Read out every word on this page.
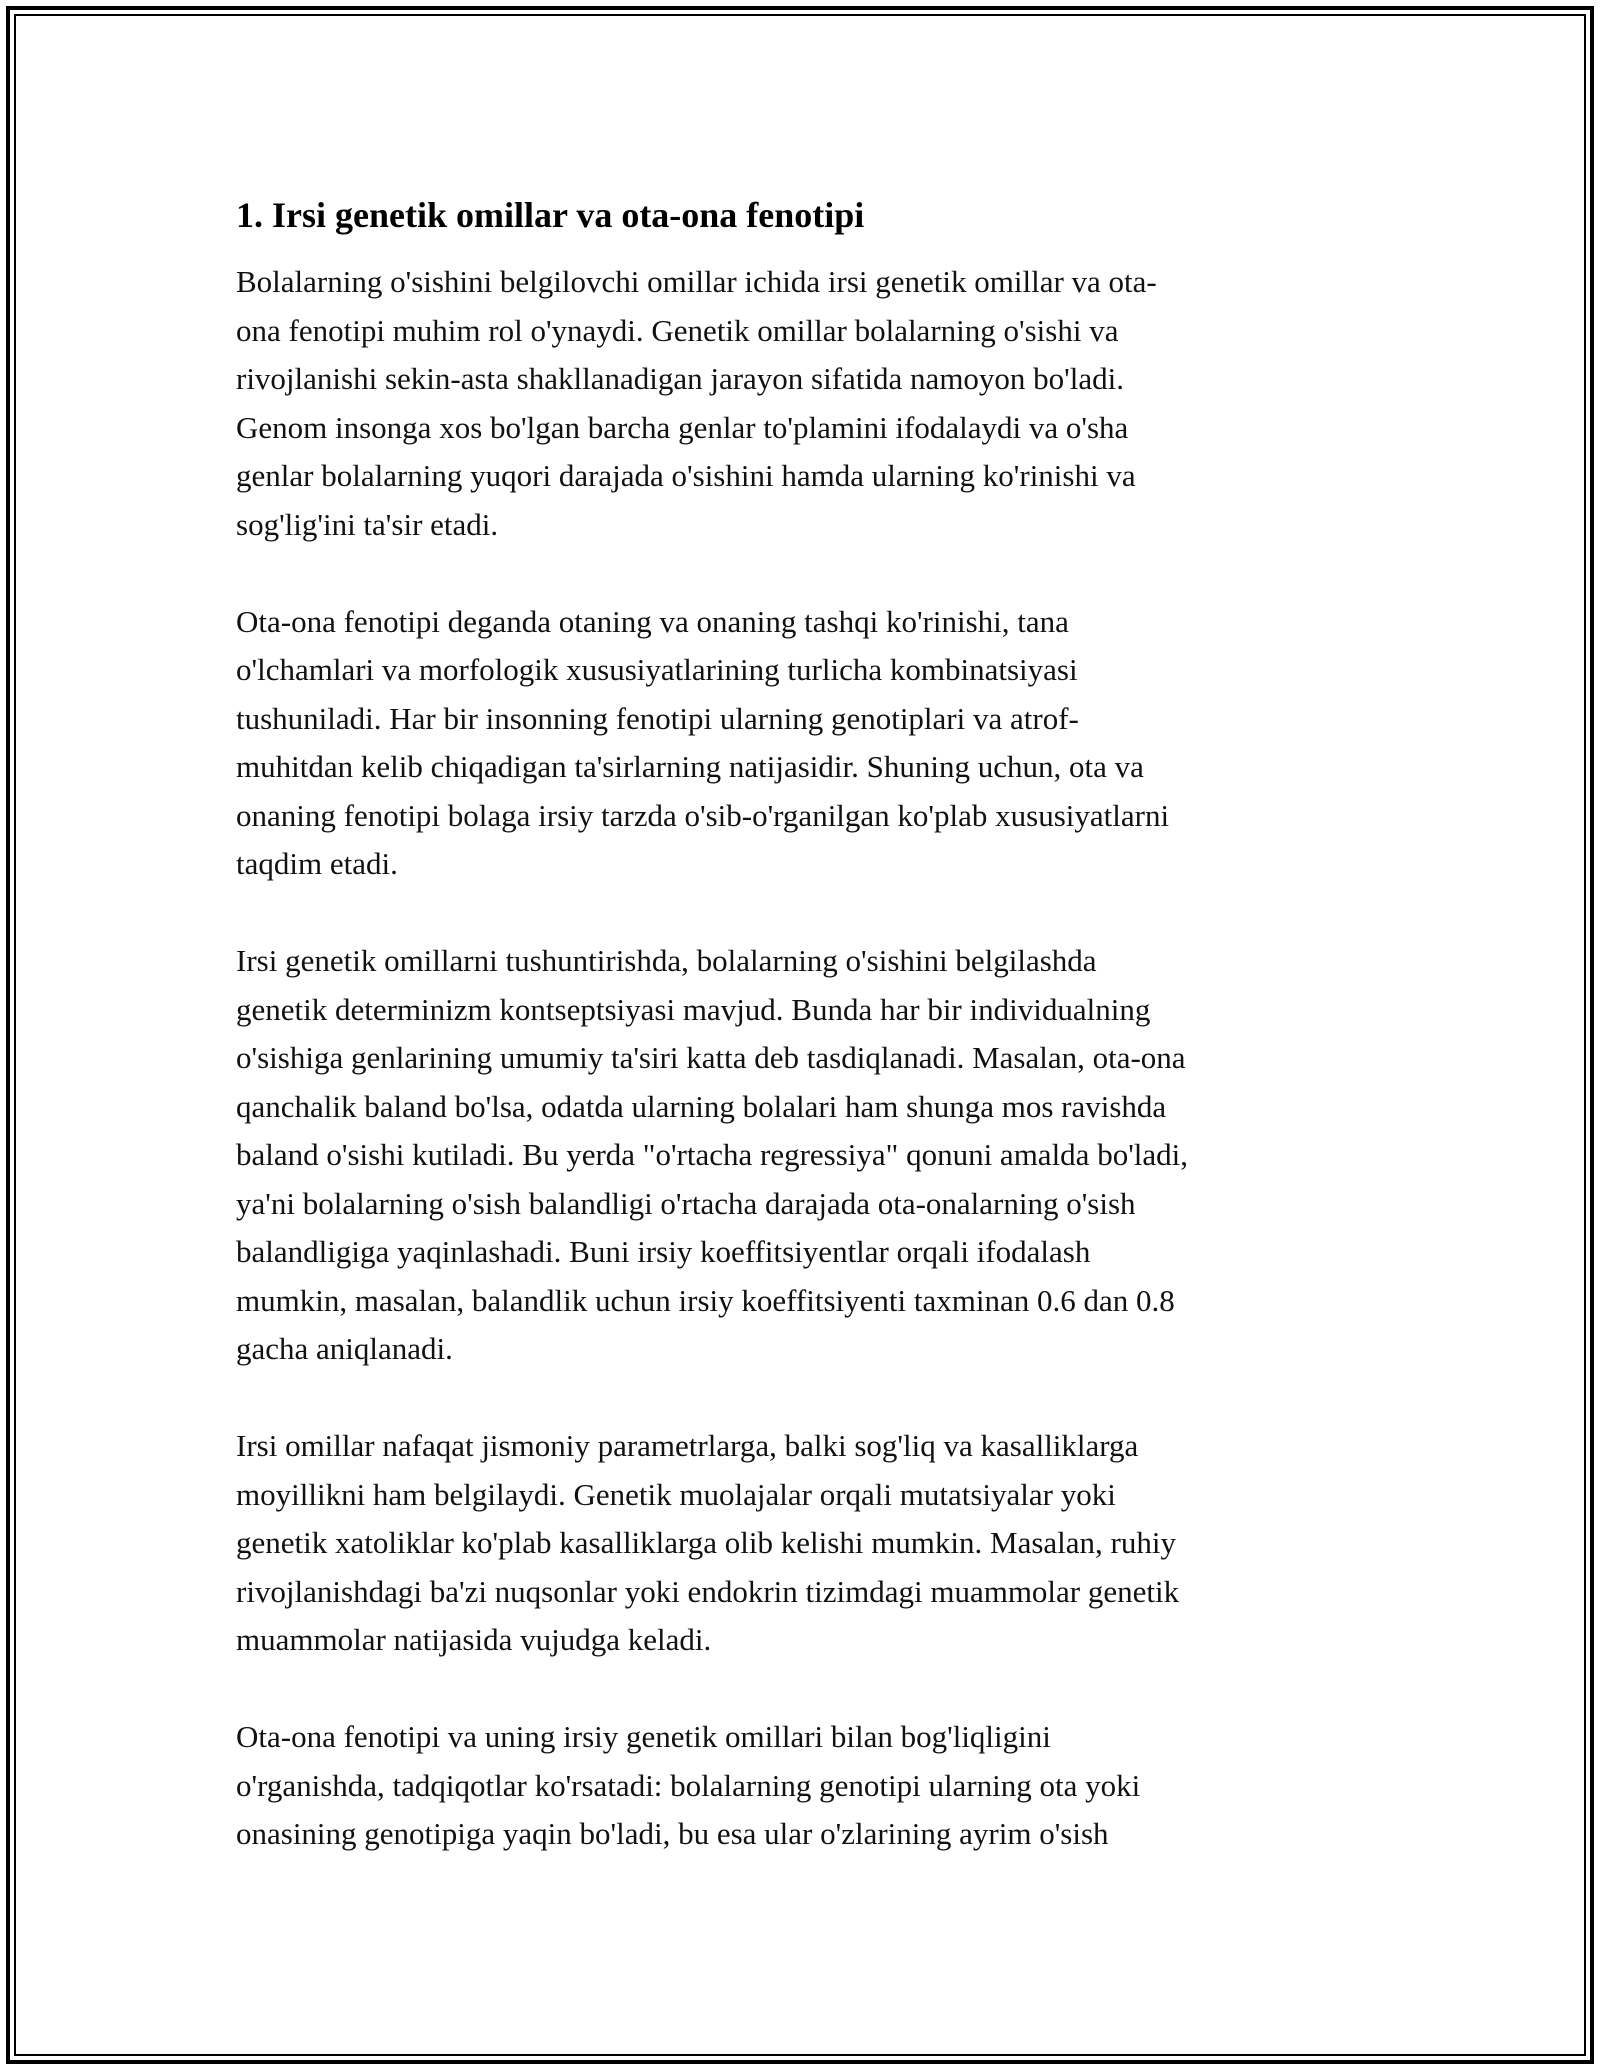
1. Irsi genetik omillar va ota-ona fenotipi

Bolalarning o'sishini belgilovchi omillar ichida irsi genetik omillar va ota-
ona fenotipi muhim rol o'ynaydi. Genetik omillar bolalarning o'sishi va
rivojlanishi sekin-asta shakllanadigan jarayon sifatida namoyon bo'ladi.
Genom insonga xos bo'lgan barcha genlar to'plamini ifodalaydi va o'sha
genlar bolalarning yuqori darajada o'sishini hamda ularning ko'rinishi va
sog'lig'ini ta'sir etadi.

Ota-ona fenotipi deganda otaning va onaning tashqi ko'rinishi, tana
o'lchamlari va morfologik xususiyatlarining turlicha kombinatsiyasi
tushuniladi. Har bir insonning fenotipi ularning genotiplari va atrof-
muhitdan kelib chiqadigan ta'sirlarning natijasidir. Shuning uchun, ota va
onaning fenotipi bolaga irsiy tarzda o'sib-o'rganilgan ko'plab xususiyatlarni
taqdim etadi.

Irsi genetik omillarni tushuntirishda, bolalarning o'sishini belgilashda
genetik determinizm kontseptsiyasi mavjud. Bunda har bir individualning
o'sishiga genlarining umumiy ta'siri katta deb tasdiqlanadi. Masalan, ota-ona
qanchalik baland bo'lsa, odatda ularning bolalari ham shunga mos ravishda
baland o'sishi kutiladi. Bu yerda "o'rtacha regressiya" qonuni amalda bo'ladi,
ya'ni bolalarning o'sish balandligi o'rtacha darajada ota-onalarning o'sish
balandligiga yaqinlashadi. Buni irsiy koeffitsiyentlar orqali ifodalash
mumkin, masalan, balandlik uchun irsiy koeffitsiyenti taxminan 0.6 dan 0.8
gacha aniqlanadi.

Irsi omillar nafaqat jismoniy parametrlarga, balki sog'liq va kasalliklarga
moyillikni ham belgilaydi. Genetik muolajalar orqali mutatsiyalar yoki
genetik xatoliklar ko'plab kasalliklarga olib kelishi mumkin. Masalan, ruhiy
rivojlanishdagi ba'zi nuqsonlar yoki endokrin tizimdagi muammolar genetik
muammolar natijasida vujudga keladi.

Ota-ona fenotipi va uning irsiy genetik omillari bilan bog'liqligini
o'rganishda, tadqiqotlar ko'rsatadi: bolalarning genotipi ularning ota yoki
onasining genotipiga yaqin bo'ladi, bu esa ular o'zlarining ayrim o'sish
